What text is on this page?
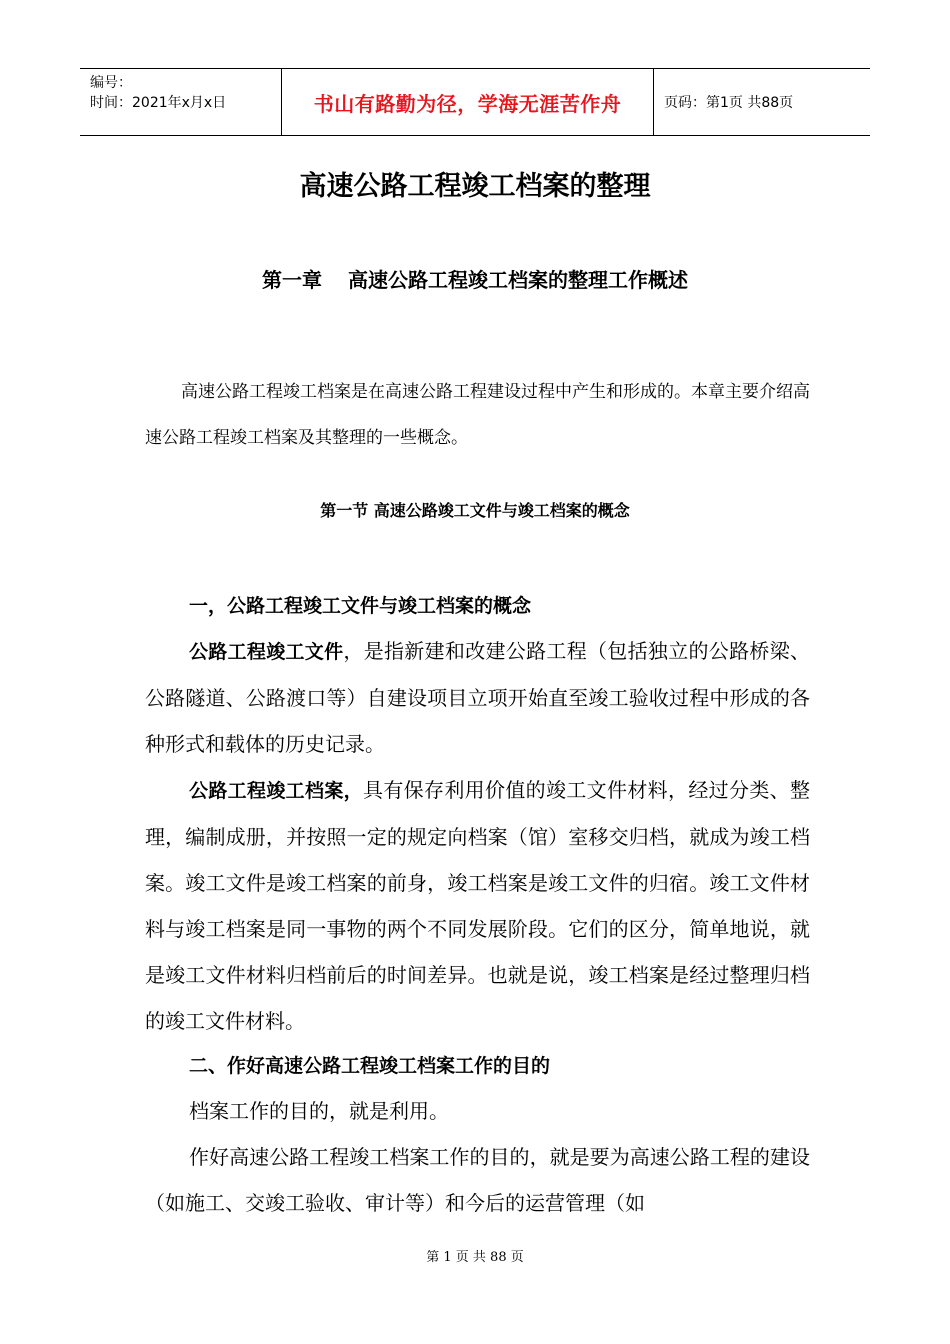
编号：
时间：2021年x月x日	书山有路勤为径，学海无涯苦作舟	页码：第1页 共88页
高速公路工程竣工档案的整理
第一章 高速公路工程竣工档案的整理工作概述

高速公路工程竣工档案是在高速公路工程建设过程中产生和形成的。本章主要介绍高速公路工程竣工档案及其整理的一些概念。

第一节 高速公路竣工文件与竣工档案的概念

一，公路工程竣工文件与竣工档案的概念

公路工程竣工文件，是指新建和改建公路工程（包括独立的公路桥梁、公路隧道、公路渡口等）自建设项目立项开始直至竣工验收过程中形成的各种形式和载体的历史记录。

公路工程竣工档案，具有保存利用价值的竣工文件材料，经过分类、整理，编制成册，并按照一定的规定向档案（馆）室移交归档，就成为竣工档案。竣工文件是竣工档案的前身，竣工档案是竣工文件的归宿。竣工文件材料与竣工档案是同一事物的两个不同发展阶段。它们的区分，简单地说，就是竣工文件材料归档前后的时间差异。也就是说，竣工档案是经过整理归档的竣工文件材料。

二、作好高速公路工程竣工档案工作的目的

档案工作的目的，就是利用。

作好高速公路工程竣工档案工作的目的，就是要为高速公路工程的建设（如施工、交竣工验收、审计等）和今后的运营管理（如

第 1 页 共 88 页
